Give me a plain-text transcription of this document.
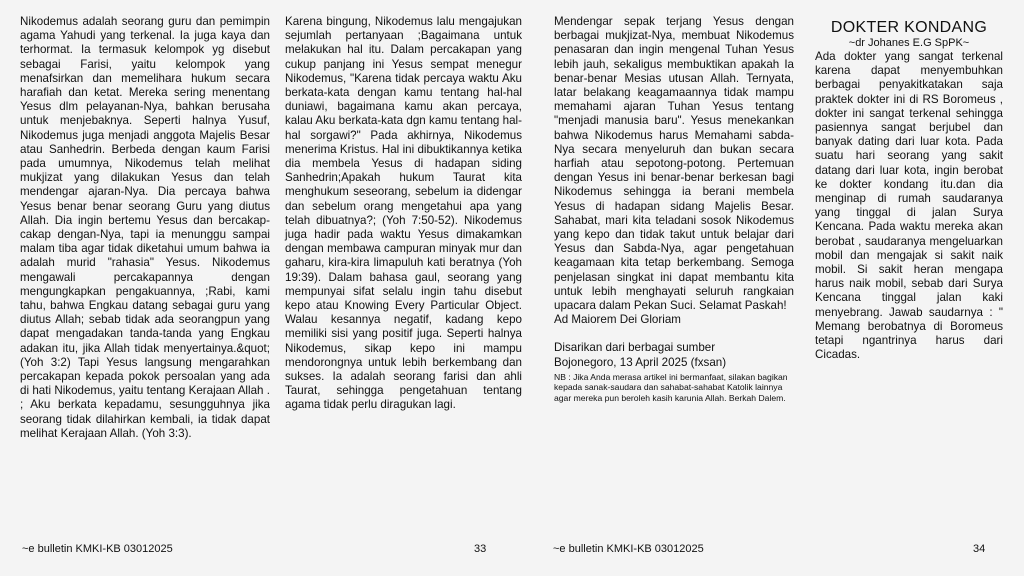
Nikodemus adalah seorang guru dan pemimpin agama Yahudi yang terkenal. Ia juga kaya dan terhormat. Ia termasuk kelompok yg disebut sebagai Farisi, yaitu kelompok yang menafsirkan dan memelihara hukum secara harafiah dan ketat. Mereka sering menentang Yesus dlm pelayanan-Nya, bahkan berusaha untuk menjebaknya. Seperti halnya Yusuf, Nikodemus juga menjadi anggota Majelis Besar atau Sanhedrin. Berbeda dengan kaum Farisi pada umumnya, Nikodemus telah melihat mukjizat yang dilakukan Yesus dan telah mendengar ajaran-Nya. Dia percaya bahwa Yesus benar benar seorang Guru yang diutus Allah. Dia ingin bertemu Yesus dan bercakap-cakap dengan-Nya, tapi ia menunggu sampai malam tiba agar tidak diketahui umum bahwa ia adalah murid "rahasia" Yesus. Nikodemus mengawali percakapannya dengan mengungkapkan pengakuannya, ;Rabi, kami tahu, bahwa Engkau datang sebagai guru yang diutus Allah; sebab tidak ada seorangpun yang dapat mengadakan tanda-tanda yang Engkau adakan itu, jika Allah tidak menyertainya.&quot; (Yoh 3:2) Tapi Yesus langsung mengarahkan percakapan kepada pokok persoalan yang ada di hati Nikodemus, yaitu tentang Kerajaan Allah . ; Aku berkata kepadamu, sesungguhnya jika seorang tidak dilahirkan kembali, ia tidak dapat melihat Kerajaan Allah. (Yoh 3:3).

Karena bingung, Nikodemus lalu mengajukan sejumlah pertanyaan ;Bagaimana untuk melakukan hal itu. Dalam percakapan yang cukup panjang ini Yesus sempat menegur Nikodemus, "Karena tidak percaya waktu Aku berkata-kata dengan kamu tentang hal-hal duniawi, bagaimana kamu akan percaya, kalau Aku berkata-kata dgn kamu tentang hal-hal sorgawi?" Pada akhirnya, Nikodemus menerima Kristus. Hal ini dibuktikannya ketika dia membela Yesus di hadapan siding Sanhedrin;Apakah hukum Taurat kita menghukum seseorang, sebelum ia didengar dan sebelum orang mengetahui apa yang telah dibuatnya?; (Yoh 7:50-52). Nikodemus juga hadir pada waktu Yesus dimakamkan dengan membawa campuran minyak mur dan gaharu, kira-kira limapuluh kati beratnya (Yoh 19:39). Dalam bahasa gaul, seorang yang mempunyai sifat selalu ingin tahu disebut kepo atau Knowing Every Particular Object. Walau kesannya negatif, kadang kepo memiliki sisi yang positif juga. Seperti halnya Nikodemus, sikap kepo ini mampu mendorongnya untuk lebih berkembang dan sukses. Ia adalah seorang farisi dan ahli Taurat, sehingga pengetahuan tentang agama tidak perlu diragukan lagi.

Mendengar sepak terjang Yesus dengan berbagai mukjizat-Nya, membuat Nikodemus penasaran dan ingin mengenal Tuhan Yesus lebih jauh, sekaligus membuktikan apakah Ia benar-benar Mesias utusan Allah. Ternyata, latar belakang keagamaannya tidak mampu memahami ajaran Tuhan Yesus tentang "menjadi manusia baru". Yesus menekankan bahwa Nikodemus harus Memahami sabda-Nya secara menyeluruh dan bukan secara harfiah atau sepotong-potong. Pertemuan dengan Yesus ini benar-benar berkesan bagi Nikodemus sehingga ia berani membela Yesus di hadapan sidang Majelis Besar. Sahabat, mari kita teladani sosok Nikodemus yang kepo dan tidak takut untuk belajar dari Yesus dan Sabda-Nya, agar pengetahuan keagamaan kita tetap berkembang. Semoga penjelasan singkat ini dapat membantu kita untuk lebih menghayati seluruh rangkaian upacara dalam Pekan Suci. Selamat Paskah!

Ad Maiorem Dei Gloriam

Disarikan dari berbagai sumber

Bojonegoro, 13 April 2025 (fxsan)

NB : Jika Anda merasa artikel ini bermanfaat, silakan bagikan kepada sanak-saudara dan sahabat-sahabat Katolik lainnya agar mereka pun beroleh kasih karunia Allah. Berkah Dalem.

DOKTER KONDANG

~dr Johanes E.G SpPK~

Ada dokter yang sangat terkenal karena dapat menyembuhkan berbagai penyakitkatakan saja praktek dokter ini di RS Boromeus , dokter ini sangat terkenal sehingga pasiennya sangat berjubel dan banyak dating dari luar kota. Pada suatu hari seorang yang sakit datang dari luar kota, ingin berobat ke dokter kondang itu.dan dia menginap di rumah saudaranya yang tinggal di jalan Surya Kencana. Pada waktu mereka akan berobat , saudaranya mengeluarkan mobil dan mengajak si sakit naik mobil. Si sakit heran mengapa harus naik mobil, sebab dari Surya Kencana tinggal jalan kaki menyebrang. Jawab saudarnya : " Memang berobatnya di Boromeus tetapi ngantrinya harus dari Cicadas.

~e bulletin KMKI-KB 03012025	33	~e bulletin KMKI-KB 03012025	34
